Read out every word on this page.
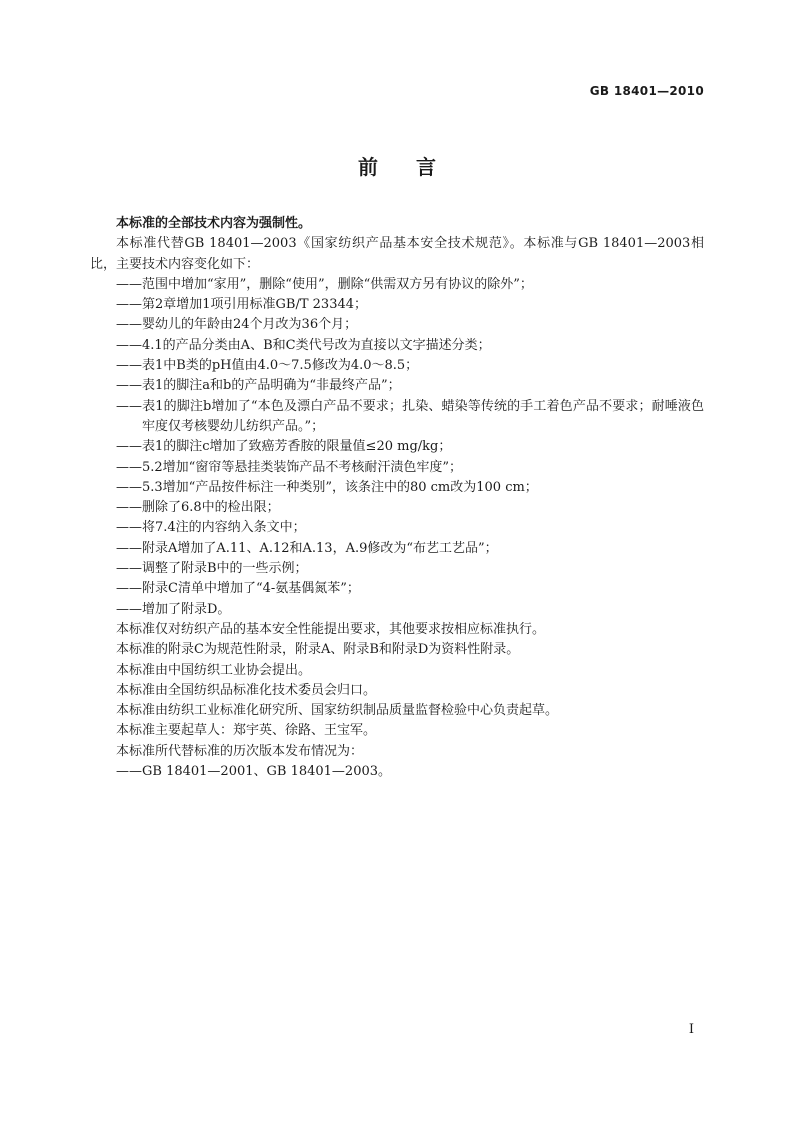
GB 18401—2010
前言

本标准的全部技术内容为强制性。

本标准代替GB 18401—2003《国家纺织产品基本安全技术规范》。本标准与GB 18401—2003相比，主要技术内容变化如下：

——范围中增加“家用”，删除“使用”，删除“供需双方另有协议的除外”；

——第2章增加1项引用标准GB/T 23344；

——婴幼儿的年龄由24个月改为36个月；

——4.1的产品分类由A、B和C类代号改为直接以文字描述分类；

——表1中B类的pH值由4.0～7.5修改为4.0～8.5；

——表1的脚注a和b的产品明确为“非最终产品”；

——表1的脚注b增加了“本色及漂白产品不要求；扎染、蜡染等传统的手工着色产品不要求；耐唾液色牢度仅考核婴幼儿纺织产品。”；

——表1的脚注c增加了致癌芳香胺的限量值≤20 mg/kg；

——5.2增加“窗帘等悬挂类装饰产品不考核耐汗渍色牢度”；

——5.3增加“产品按件标注一种类别”，该条注中的80 cm改为100 cm；

——删除了6.8中的检出限；

——将7.4注的内容纳入条文中；

——附录A增加了A.11、A.12和A.13，A.9修改为“布艺工艺品”；

——调整了附录B中的一些示例；

——附录C清单中增加了“4-氨基偶氮苯”；

——增加了附录D。

本标准仅对纺织产品的基本安全性能提出要求，其他要求按相应标准执行。

本标准的附录C为规范性附录，附录A、附录B和附录D为资料性附录。

本标准由中国纺织工业协会提出。

本标准由全国纺织品标准化技术委员会归口。

本标准由纺织工业标准化研究所、国家纺织制品质量监督检验中心负责起草。

本标准主要起草人：郑宇英、徐路、王宝军。

本标准所代替标准的历次版本发布情况为：

——GB 18401—2001、GB 18401—2003。

I
